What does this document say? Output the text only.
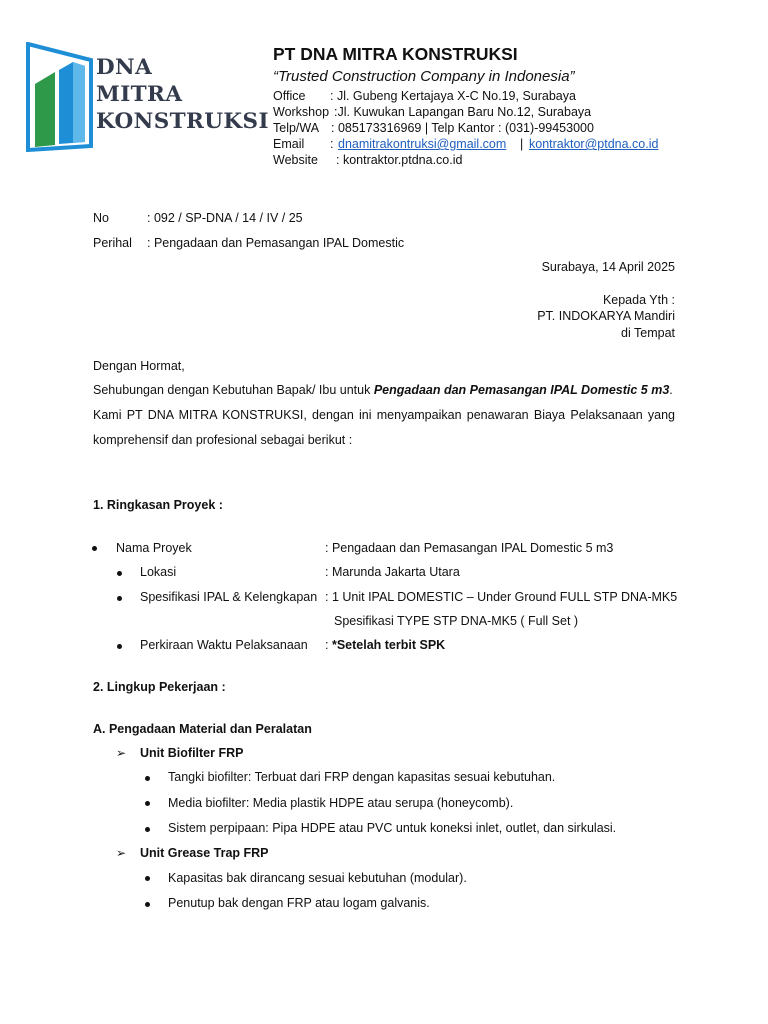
DNA
MITRA
KONSTRUKSI
PT DNA MITRA KONSTRUKSI
“Trusted Construction Company in Indonesia”
Office : Jl. Gubeng Kertajaya X-C No.19, Surabaya
Workshop :Jl. Kuwukan Lapangan Baru No.12, Surabaya
Telp/WA : 085173316969 | Telp Kantor : (031)-99453000
Email : dnamitrakontruksi@gmail.com | kontraktor@ptdna.co.id
Website : kontraktor.ptdna.co.id
No	: 092 / SP-DNA / 14 / IV / 25
Perihal : Pengadaan dan Pemasangan IPAL Domestic
Surabaya, 14 April 2025
Kepada Yth :
PT. INDOKARYA Mandiri
di Tempat
Dengan Hormat,
Sehubungan dengan Kebutuhan Bapak/ Ibu untuk Pengadaan dan Pemasangan IPAL Domestic 5 m3.
Kami PT DNA MITRA KONSTRUKSI, dengan ini menyampaikan penawaran Biaya Pelaksanaan yang
komprehensif dan profesional sebagai berikut :
1. Ringkasan Proyek :
Nama Proyek	: Pengadaan dan Pemasangan IPAL Domestic 5 m3
Lokasi	: Marunda Jakarta Utara
Spesifikasi IPAL & Kelengkapan : 1 Unit IPAL DOMESTIC – Under Ground FULL STP DNA-MK5
Spesifikasi TYPE STP DNA-MK5 ( Full Set )
Perkiraan Waktu Pelaksanaan : *Setelah terbit SPK
2. Lingkup Pekerjaan :
A. Pengadaan Material dan Peralatan
➢ Unit Biofilter FRP
Tangki biofilter: Terbuat dari FRP dengan kapasitas sesuai kebutuhan.
Media biofilter: Media plastik HDPE atau serupa (honeycomb).
Sistem perpipaan: Pipa HDPE atau PVC untuk koneksi inlet, outlet, dan sirkulasi.
➢ Unit Grease Trap FRP
Kapasitas bak dirancang sesuai kebutuhan (modular).
Penutup bak dengan FRP atau logam galvanis.
